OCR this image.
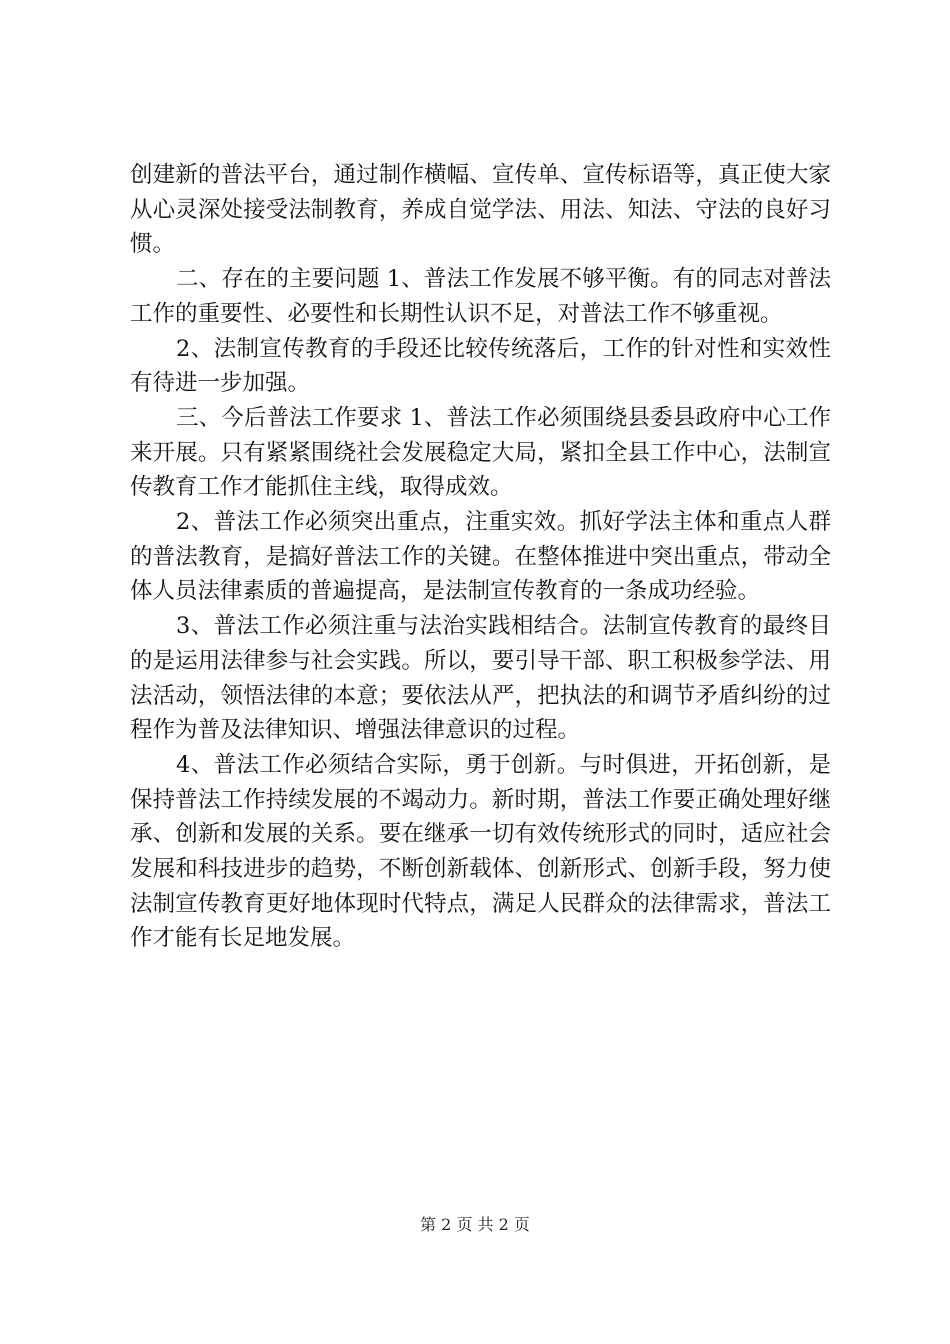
创建新的普法平台，通过制作横幅、宣传单、宣传标语等，真正使大家从心灵深处接受法制教育，养成自觉学法、用法、知法、守法的良好习惯。

二、存在的主要问题 1、普法工作发展不够平衡。有的同志对普法工作的重要性、必要性和长期性认识不足，对普法工作不够重视。

2、法制宣传教育的手段还比较传统落后，工作的针对性和实效性有待进一步加强。

三、今后普法工作要求 1、普法工作必须围绕县委县政府中心工作来开展。只有紧紧围绕社会发展稳定大局，紧扣全县工作中心，法制宣传教育工作才能抓住主线，取得成效。

2、普法工作必须突出重点，注重实效。抓好学法主体和重点人群的普法教育，是搞好普法工作的关键。在整体推进中突出重点，带动全体人员法律素质的普遍提高，是法制宣传教育的一条成功经验。

3、普法工作必须注重与法治实践相结合。法制宣传教育的最终目的是运用法律参与社会实践。所以，要引导干部、职工积极参学法、用法活动，领悟法律的本意；要依法从严，把执法的和调节矛盾纠纷的过程作为普及法律知识、增强法律意识的过程。

4、普法工作必须结合实际，勇于创新。与时俱进，开拓创新，是保持普法工作持续发展的不竭动力。新时期，普法工作要正确处理好继承、创新和发展的关系。要在继承一切有效传统形式的同时，适应社会发展和科技进步的趋势，不断创新载体、创新形式、创新手段，努力使法制宣传教育更好地体现时代特点，满足人民群众的法律需求，普法工作才能有长足地发展。

第 2 页 共 2 页
